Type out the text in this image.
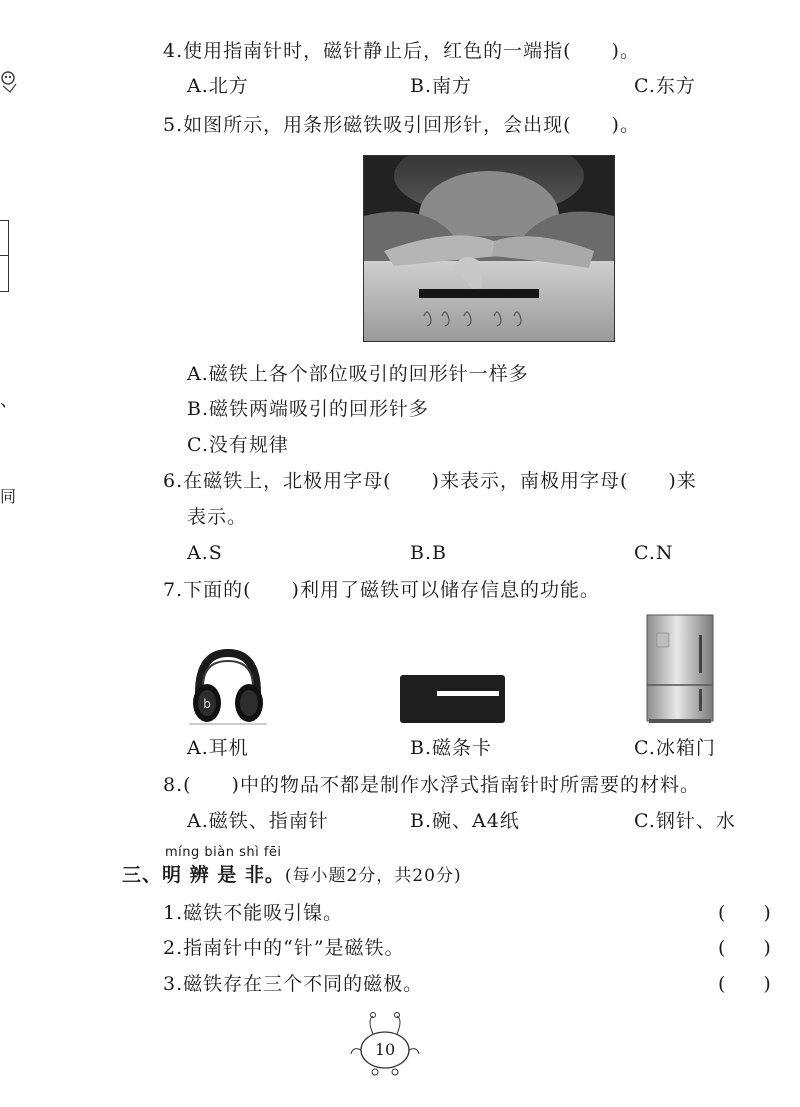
、
同
4.使用指南针时，磁针静止后，红色的一端指(　　)。
A.北方	B.南方	C.东方
5.如图所示，用条形磁铁吸引回形针，会出现(　　)。
A.磁铁上各个部位吸引的回形针一样多
B.磁铁两端吸引的回形针多
C.没有规律
6.在磁铁上，北极用字母(　　)来表示，南极用字母(　　)来
表示。
A.S	B.B	C.N
7.下面的(　　)利用了磁铁可以储存信息的功能。
b
A.耳机	B.磁条卡	C.冰箱门
8.(　　)中的物品不都是制作水浮式指南针时所需要的材料。
A.磁铁、指南针	B.碗、A4纸	C.钢针、水
míng biàn shì fēi
三、明 辨 是 非。(每小题2分，共20分)
1.磁铁不能吸引镍。	(　　)
2.指南针中的“针”是磁铁。	(　　)
3.磁铁存在三个不同的磁极。	(　　)
10
